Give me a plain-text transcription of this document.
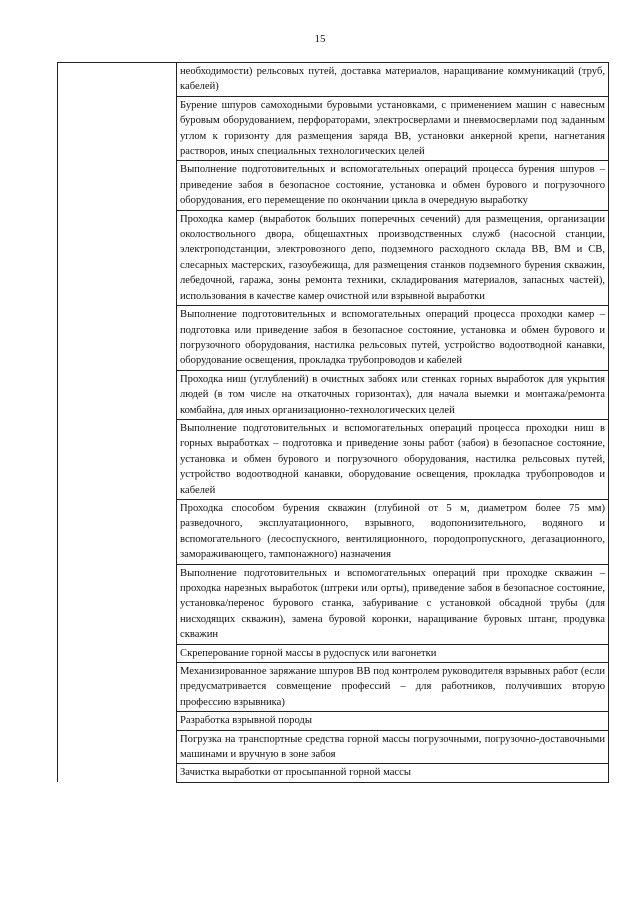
15
	необходимости) рельсовых путей, доставка материалов, наращивание коммуникаций (труб, кабелей)
Бурение шпуров самоходными буровыми установками, с применением машин с навесным буровым оборудованием, перфораторами, электросверлами и пневмосверлами под заданным углом к горизонту для размещения заряда ВВ, установки анкерной крепи, нагнетания растворов, иных специальных технологических целей
Выполнение подготовительных и вспомогательных операций процесса бурения шпуров – приведение забоя в безопасное состояние, установка и обмен бурового и погрузочного оборудования, его перемещение по окончании цикла в очередную выработку
Проходка камер (выработок больших поперечных сечений) для размещения, организации околоствольного двора, общешахтных производственных служб (насосной станции, электроподстанции, электровозного депо, подземного расходного склада ВВ, ВМ и СВ, слесарных мастерских, газоубежища, для размещения станков подземного бурения скважин, лебедочной, гаража, зоны ремонта техники, складирования материалов, запасных частей), использования в качестве камер очистной или взрывной выработки
Выполнение подготовительных и вспомогательных операций процесса проходки камер – подготовка или приведение забоя в безопасное состояние, установка и обмен бурового и погрузочного оборудования, настилка рельсовых путей, устройство водоотводной канавки, оборудование освещения, прокладка трубопроводов и кабелей
Проходка ниш (углублений) в очистных забоях или стенках горных выработок для укрытия людей (в том числе на откаточных горизонтах), для начала выемки и монтажа/ремонта комбайна, для иных организационно-технологических целей
Выполнение подготовительных и вспомогательных операций процесса проходки ниш в горных выработках – подготовка и приведение зоны работ (забоя) в безопасное состояние, установка и обмен бурового и погрузочного оборудования, настилка рельсовых путей, устройство водоотводной канавки, оборудование освещения, прокладка трубопроводов и кабелей
Проходка способом бурения скважин (глубиной от 5 м, диаметром более 75 мм) разведочного, эксплуатационного, взрывного, водопонизительного, водяного и вспомогательного (лесоспускного, вентиляционного, породопропускного, дегазационного, замораживающего, тампонажного) назначения
Выполнение подготовительных и вспомогательных операций при проходке скважин – проходка нарезных выработок (штреки или орты), приведение забоя в безопасное состояние, установка/перенос бурового станка, забуривание с установкой обсадной трубы (для нисходящих скважин), замена буровой коронки, наращивание буровых штанг, продувка скважин
Скреперование горной массы в рудоспуск или вагонетки
Механизированное заряжание шпуров ВВ под контролем руководителя взрывных работ (если предусматривается совмещение профессий – для работников, получивших вторую профессию взрывника)
Разработка взрывной породы
Погрузка на транспортные средства горной массы погрузочными, погрузочно-доставочными машинами и вручную в зоне забоя
Зачистка выработки от просыпанной горной массы
